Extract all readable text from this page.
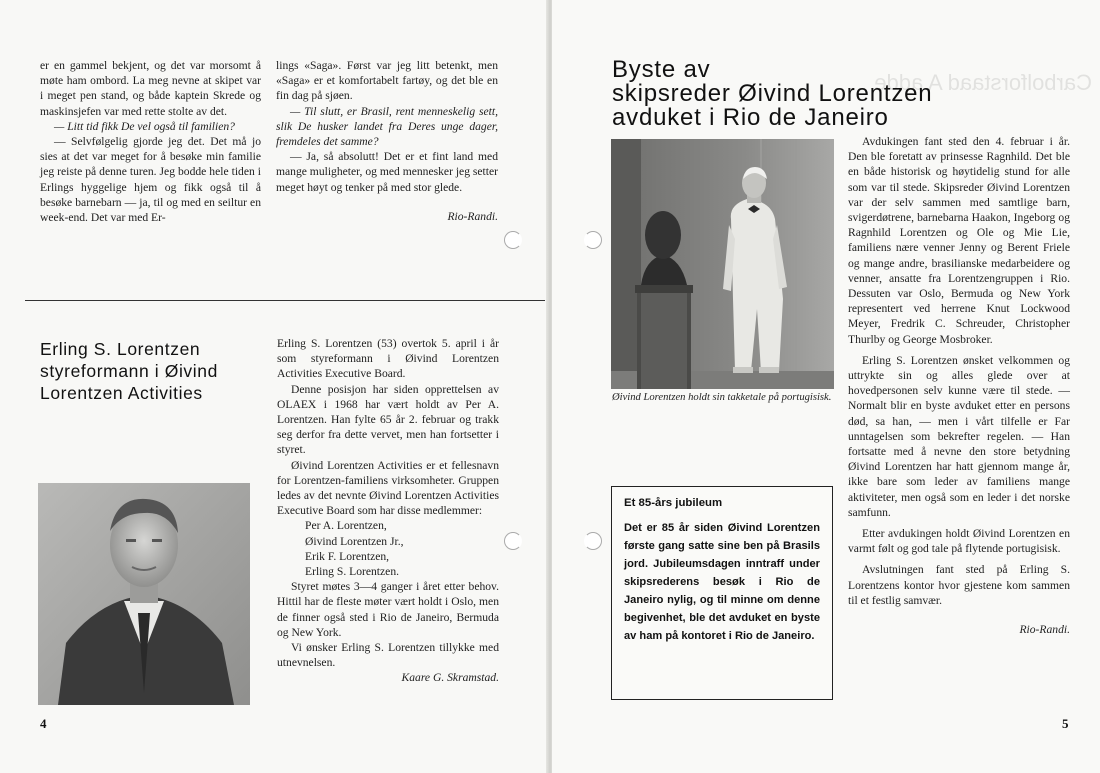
er en gammel bekjent, og det var morsomt å møte ham ombord. La meg nevne at skipet var i meget pen stand, og både kaptein Skrede og maskinsjefen var med rette stolte av det.

— Litt tid fikk De vel også til familien?

— Selvfølgelig gjorde jeg det. Det må jo sies at det var meget for å besøke min familie jeg reiste på denne turen. Jeg bodde hele tiden i Erlings hyggelige hjem og fikk også til å besøke barnebarn — ja, til og med en seiltur en week-end. Det var med Er-

lings «Saga». Først var jeg litt betenkt, men «Saga» er et komfortabelt fartøy, og det ble en fin dag på sjøen.

— Til slutt, er Brasil, rent menneskelig sett, slik De husker landet fra Deres unge dager, fremdeles det samme?

— Ja, så absolutt! Det er et fint land med mange muligheter, og med mennesker jeg setter meget høyt og tenker på med stor glede.

Rio-Randi.

Erling S. Lorentzen
styreformann i Øivind
Lorentzen Activities

Erling S. Lorentzen (53) overtok 5. april i år som styreformann i Øivind Lorentzen Activities Executive Board.

Denne posisjon har siden opprettelsen av OLAEX i 1968 har vært holdt av Per A. Lorentzen. Han fylte 65 år 2. februar og trakk seg derfor fra dette vervet, men han fortsetter i styret.

Øivind Lorentzen Activities er et fellesnavn for Lorentzen-familiens virksomheter. Gruppen ledes av det nevnte Øivind Lorentzen Activities Executive Board som har disse medlemmer:

Per A. Lorentzen,
Øivind Lorentzen Jr.,
Erik F. Lorentzen,
Erling S. Lorentzen.

Styret møtes 3—4 ganger i året etter behov. Hittil har de fleste møter vært holdt i Oslo, men de finner også sted i Rio de Janeiro, Bermuda og New York.

Vi ønsker Erling S. Lorentzen tillykke med utnevnelsen.

Kaare G. Skramstad.

4
Carbolforstaad A adde
Byste av
skipsreder Øivind Lorentzen
avduket i Rio de Janeiro
Øivind Lorentzen holdt sin takketale på portugisisk.
Et 85-års jubileum
Det er 85 år siden Øivind Lorentzen første gang satte sine ben på Brasils jord. Jubileumsdagen inntraff under skipsrederens besøk i Rio de Janeiro nylig, og til minne om denne begivenhet, ble det avduket en byste av ham på kontoret i Rio de Janeiro.

Avdukingen fant sted den 4. februar i år. Den ble foretatt av prinsesse Ragnhild. Det ble en både historisk og høytidelig stund for alle som var til stede. Skipsreder Øivind Lorentzen var der selv sammen med samtlige barn, svigerdøtrene, barnebarna Haakon, Ingeborg og Ragnhild Lorentzen og Ole og Mie Lie, familiens nære venner Jenny og Berent Friele og mange andre, brasilianske medarbeidere og venner, ansatte fra Lorentzengruppen i Rio. Dessuten var Oslo, Bermuda og New York representert ved herrene Knut Lockwood Meyer, Fredrik C. Schreuder, Christopher Thurlby og George Mosbroker.

Erling S. Lorentzen ønsket velkommen og uttrykte sin og alles glede over at hovedpersonen selv kunne være til stede. — Normalt blir en byste avduket etter en persons død, sa han, — men i vårt tilfelle er Far unntagelsen som bekrefter regelen. — Han fortsatte med å nevne den store betydning Øivind Lorentzen har hatt gjennom mange år, ikke bare som leder av familiens mange aktiviteter, men også som en leder i det norske samfunn.

Etter avdukingen holdt Øivind Lorentzen en varmt følt og god tale på flytende portugisisk.

Avslutningen fant sted på Erling S. Lorentzens kontor hvor gjestene kom sammen til et festlig samvær.

Rio-Randi.

5
